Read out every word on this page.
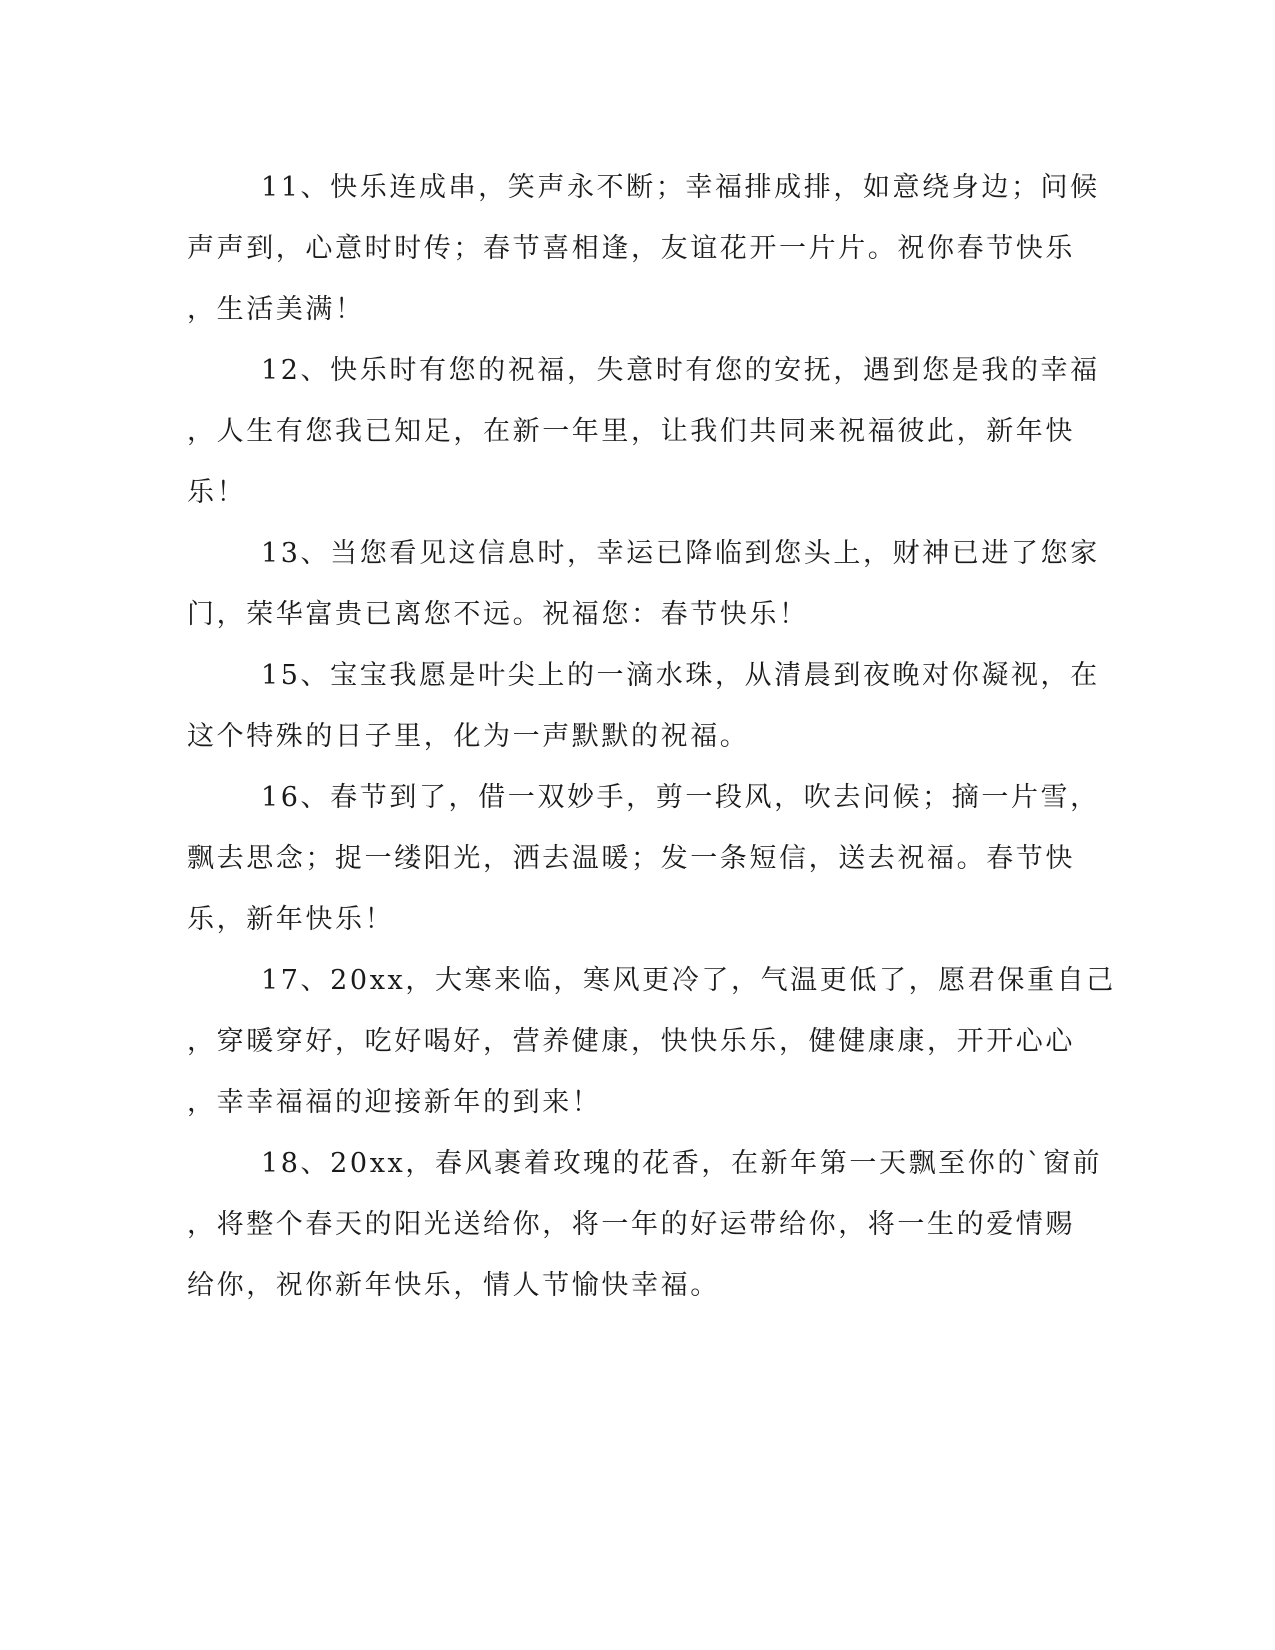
11、快乐连成串，笑声永不断；幸福排成排，如意绕身边；问候
声声到，心意时时传；春节喜相逢，友谊花开一片片。祝你春节快乐
，生活美满！
12、快乐时有您的祝福，失意时有您的安抚，遇到您是我的幸福
，人生有您我已知足，在新一年里，让我们共同来祝福彼此，新年快
乐！
13、当您看见这信息时，幸运已降临到您头上，财神已进了您家
门，荣华富贵已离您不远。祝福您：春节快乐！
15、宝宝我愿是叶尖上的一滴水珠，从清晨到夜晚对你凝视，在
这个特殊的日子里，化为一声默默的祝福。
16、春节到了，借一双妙手，剪一段风，吹去问候；摘一片雪，
飘去思念；捉一缕阳光，洒去温暖；发一条短信，送去祝福。春节快
乐，新年快乐！
17、20xx，大寒来临，寒风更冷了，气温更低了，愿君保重自己
，穿暖穿好，吃好喝好，营养健康，快快乐乐，健健康康，开开心心
，幸幸福福的迎接新年的到来！
18、20xx，春风裹着玫瑰的花香，在新年第一天飘至你的`窗前
，将整个春天的阳光送给你，将一年的好运带给你，将一生的爱情赐
给你，祝你新年快乐，情人节愉快幸福。
